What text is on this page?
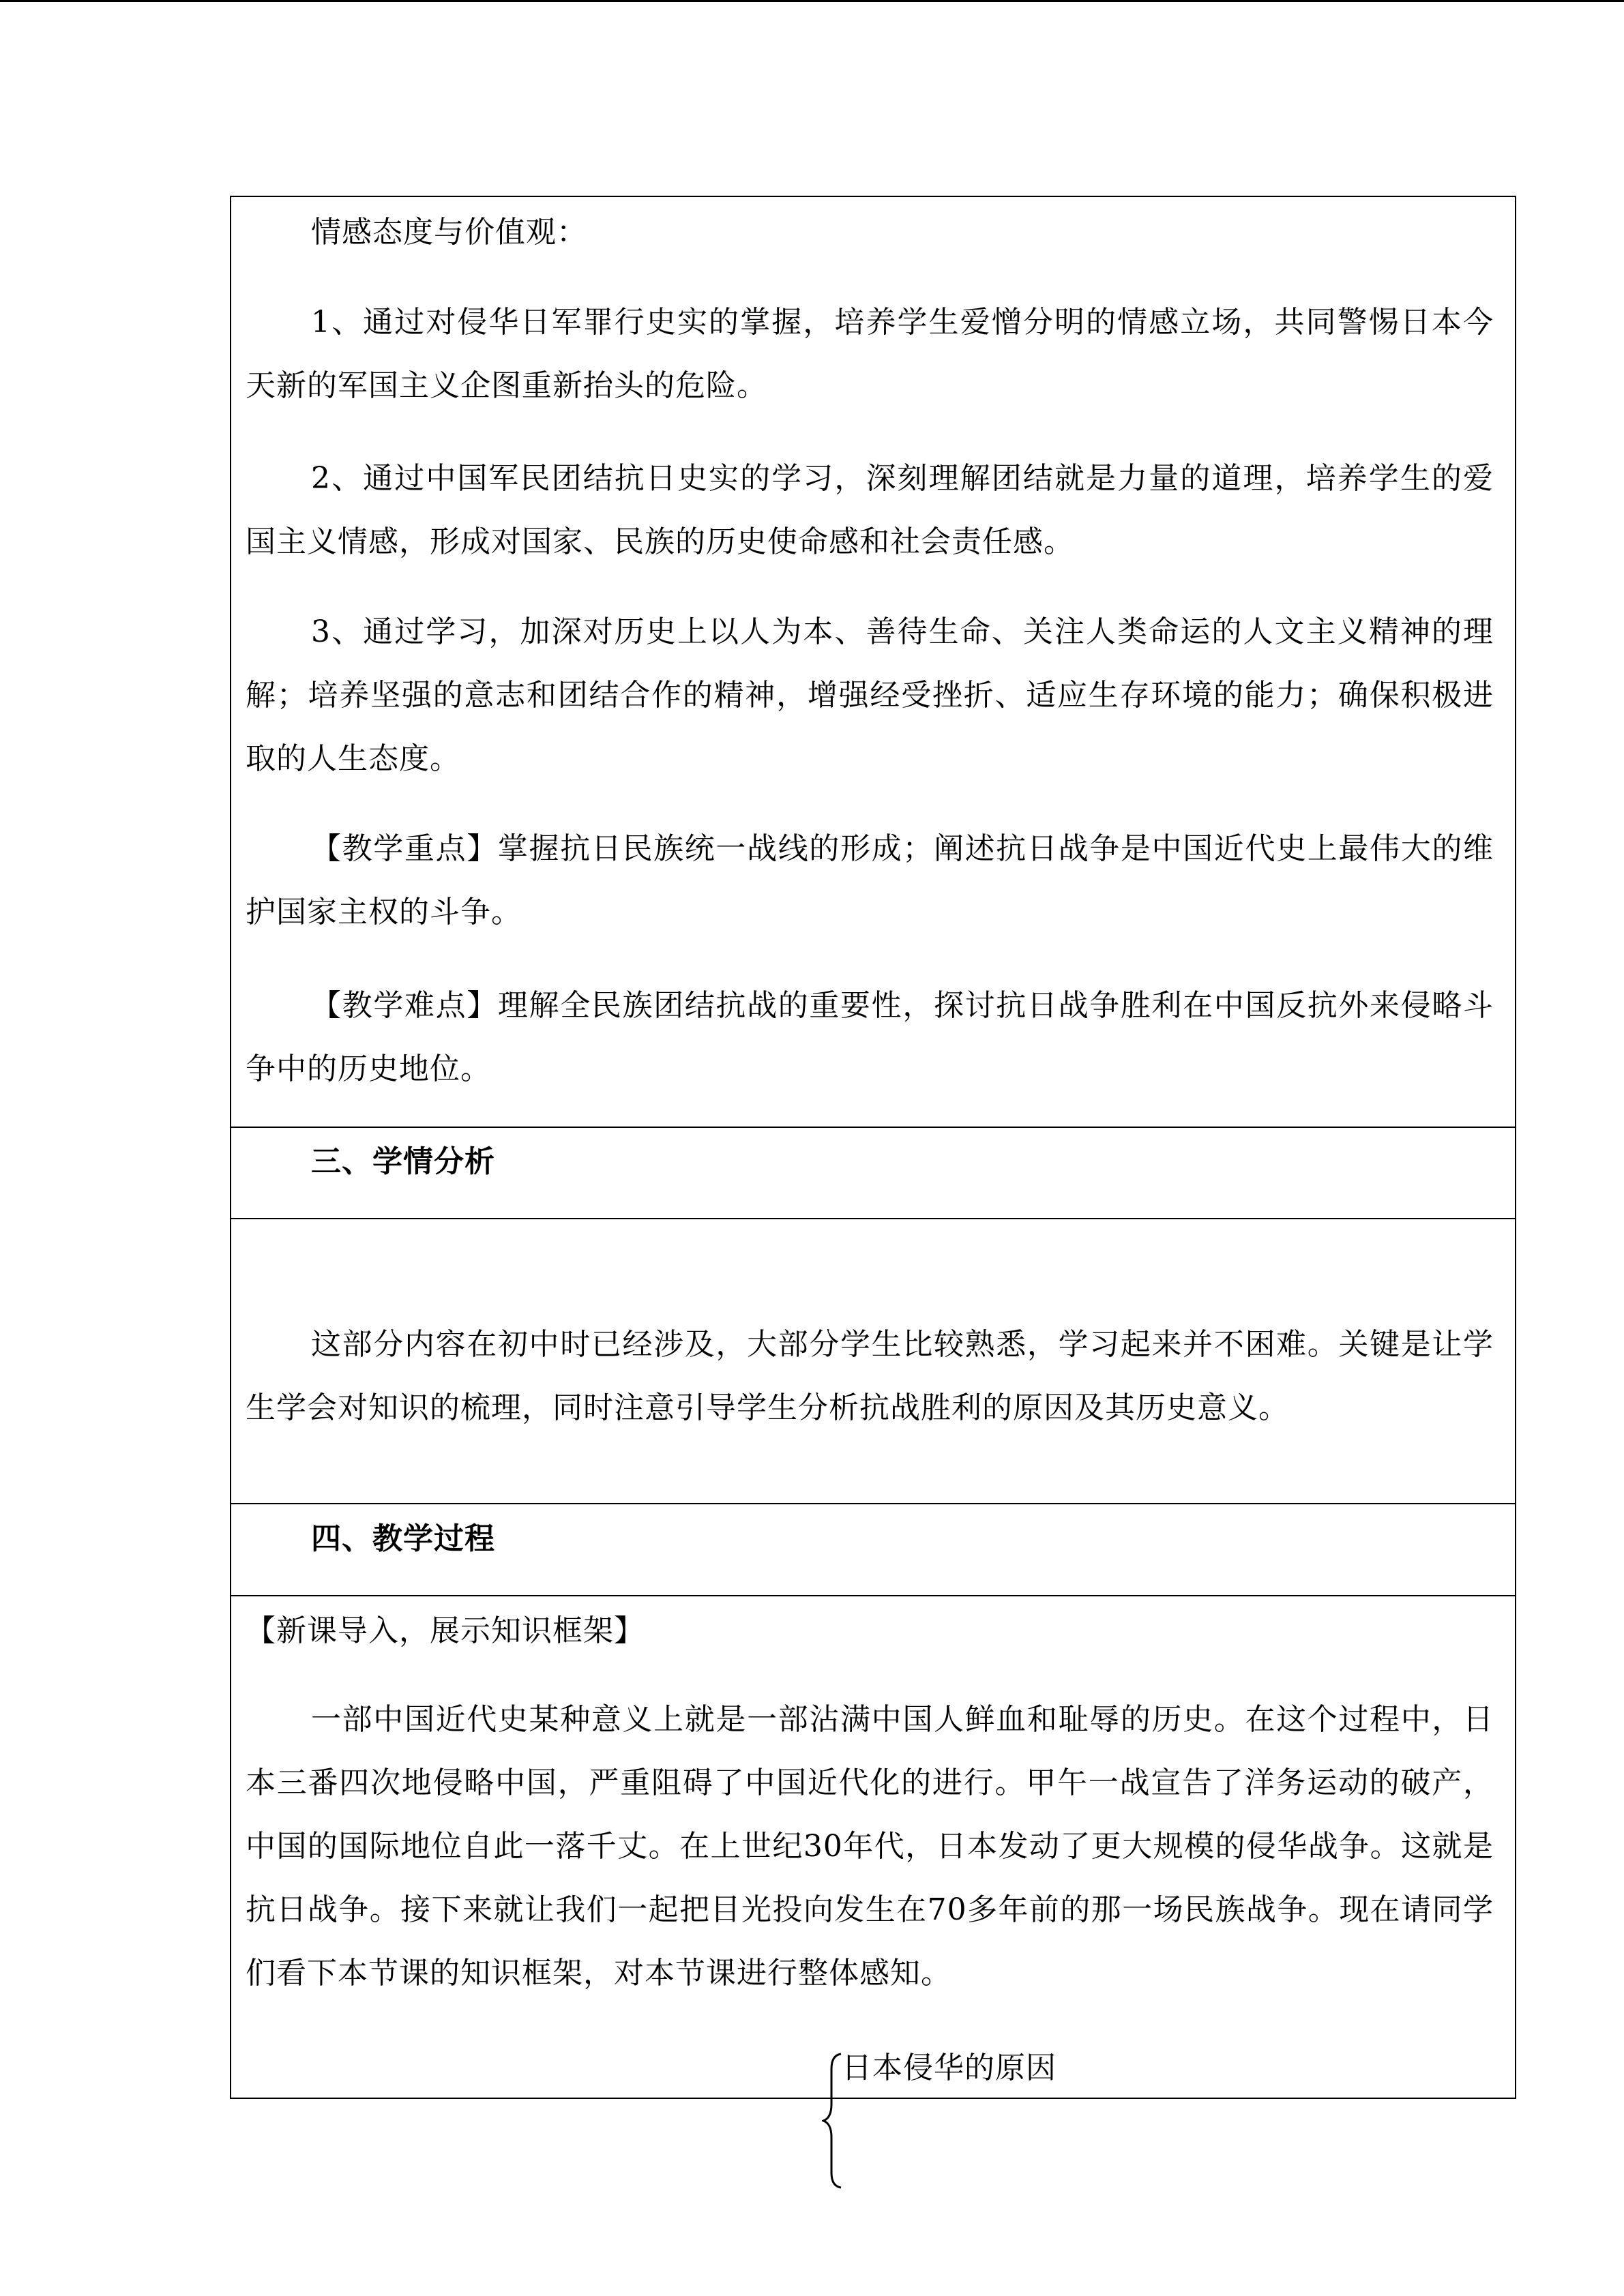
情感态度与价值观：

1、通过对侵华日军罪行史实的掌握，培养学生爱憎分明的情感立场，共同警惕日本今天新的军国主义企图重新抬头的危险。

2、通过中国军民团结抗日史实的学习，深刻理解团结就是力量的道理，培养学生的爱国主义情感，形成对国家、民族的历史使命感和社会责任感。

3、通过学习，加深对历史上以人为本、善待生命、关注人类命运的人文主义精神的理解；培养坚强的意志和团结合作的精神，增强经受挫折、适应生存环境的能力；确保积极进取的人生态度。

【教学重点】掌握抗日民族统一战线的形成；阐述抗日战争是中国近代史上最伟大的维护国家主权的斗争。

【教学难点】理解全民族团结抗战的重要性，探讨抗日战争胜利在中国反抗外来侵略斗争中的历史地位。

三、学情分析

这部分内容在初中时已经涉及，大部分学生比较熟悉，学习起来并不困难。关键是让学生学会对知识的梳理，同时注意引导学生分析抗战胜利的原因及其历史意义。

四、教学过程

【新课导入，展示知识框架】

一部中国近代史某种意义上就是一部沾满中国人鲜血和耻辱的历史。在这个过程中，日本三番四次地侵略中国，严重阻碍了中国近代化的进行。甲午一战宣告了洋务运动的破产，中国的国际地位自此一落千丈。在上世纪30年代，日本发动了更大规模的侵华战争。这就是抗日战争。接下来就让我们一起把目光投向发生在70多年前的那一场民族战争。现在请同学们看下本节课的知识框架，对本节课进行整体感知。

日本侵华的原因
